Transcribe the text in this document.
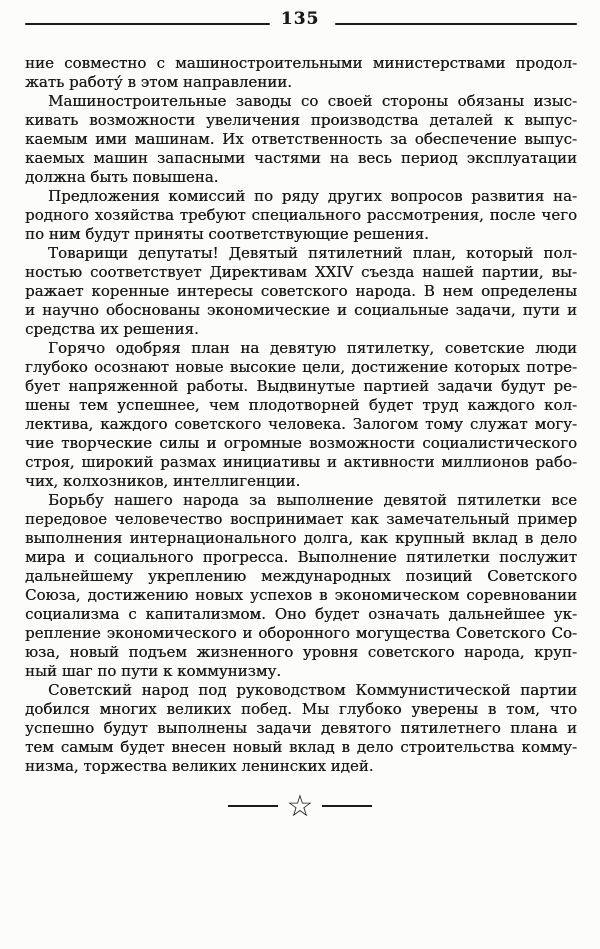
135
ние совместно с машиностроительными министерствами продол-
жать работу́ в этом направлении.
Машиностроительные заводы со своей стороны обязаны изыс-
кивать возможности увеличения производства деталей к выпус-
каемым ими машинам. Их ответственность за обеспечение выпус-
каемых машин запасными частями на весь период эксплуатации
должна быть повышена.
Предложения комиссий по ряду других вопросов развития на-
родного хозяйства требуют специального рассмотрения, после чего
по ним будут приняты соответствующие решения.
Товарищи депутаты! Девятый пятилетний план, который пол-
ностью соответствует Директивам XXIV съезда нашей партии, вы-
ражает коренные интересы советского народа. В нем определены
и научно обоснованы экономические и социальные задачи, пути и
средства их решения.
Горячо одобряя план на девятую пятилетку, советские люди
глубоко осознают новые высокие цели, достижение которых потре-
бует напряженной работы. Выдвинутые партией задачи будут ре-
шены тем успешнее, чем плодотворней будет труд каждого кол-
лектива, каждого советского человека. Залогом тому служат могу-
чие творческие силы и огромные возможности социалистического
строя, широкий размах инициативы и активности миллионов рабо-
чих, колхозников, интеллигенции.
Борьбу нашего народа за выполнение девятой пятилетки все
передовое человечество воспринимает как замечательный пример
выполнения интернационального долга, как крупный вклад в дело
мира и социального прогресса. Выполнение пятилетки послужит
дальнейшему укреплению международных позиций Советского
Союза, достижению новых успехов в экономическом соревновании
социализма с капитализмом. Оно будет означать дальнейшее ук-
репление экономического и оборонного могущества Советского Со-
юза, новый подъем жизненного уровня советского народа, круп-
ный шаг по пути к коммунизму.
Советский народ под руководством Коммунистической партии
добился многих великих побед. Мы глубоко уверены в том, что
успешно будут выполнены задачи девятого пятилетнего плана и
тем самым будет внесен новый вклад в дело строительства комму-
низма, торжества великих ленинских идей.
☆
